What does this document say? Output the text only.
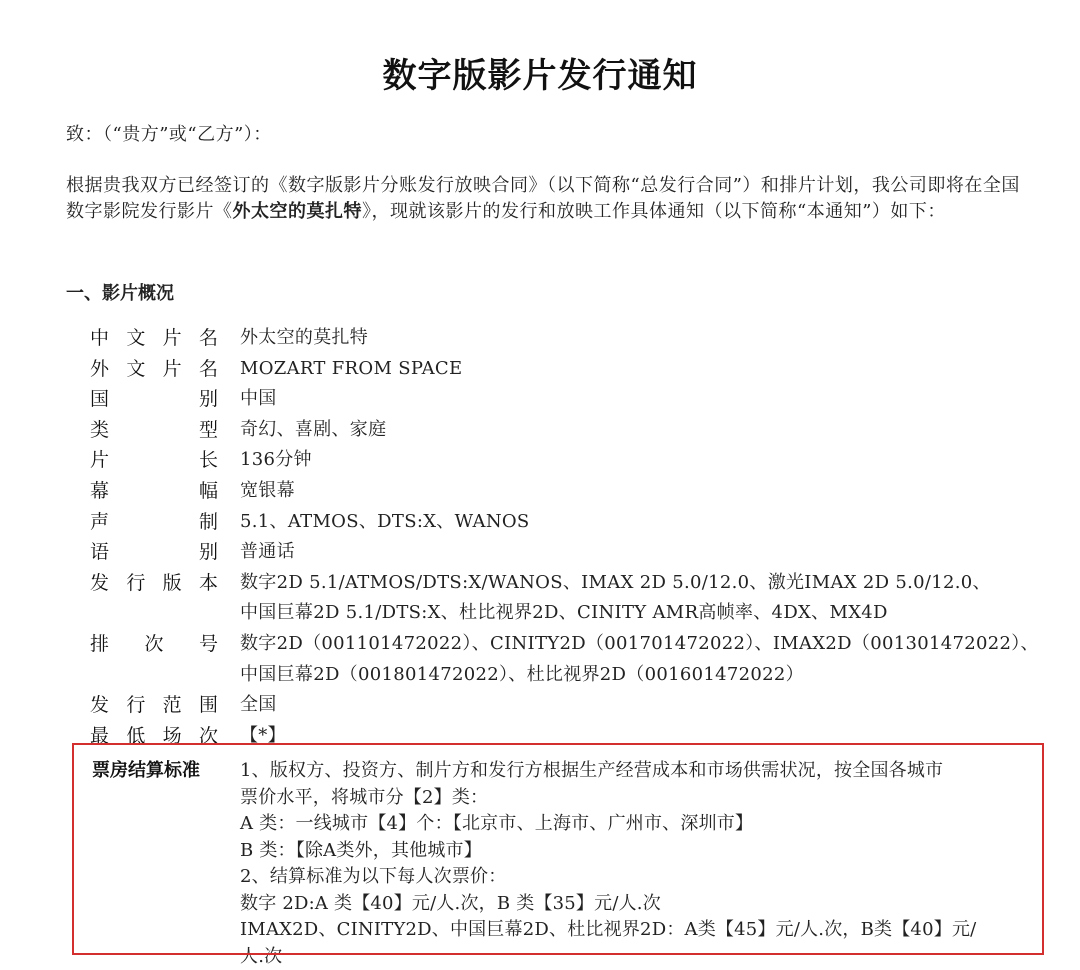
数字版影片发行通知
致：（“贵方”或“乙方”）：
根据贵我双方已经签订的《数字版影片分账发行放映合同》（以下简称“总发行合同”）和排片计划，我公司即将在全国数字影院发行影片《外太空的莫扎特》，现就该影片的发行和放映工作具体通知（以下简称“本通知”）如下：
一、影片概况
中 文 片 名 外太空的莫扎特
外 文 片 名 MOZART FROM SPACE
国	别 中国
类	型 奇幻、喜剧、家庭
片	长 136分钟
幕	幅 宽银幕
声	制 5.1、ATMOS、DTS:X、WANOS
语	别 普通话
发 行 版 本 数字2D 5.1/ATMOS/DTS:X/WANOS、IMAX 2D 5.0/12.0、激光IMAX 2D 5.0/12.0、
中国巨幕2D 5.1/DTS:X、杜比视界2D、CINITY AMR高帧率、4DX、MX4D
排 次 号 数字2D（001101472022）、CINITY2D（001701472022）、IMAX2D（001301472022）、
中国巨幕2D（001801472022）、杜比视界2D（001601472022）
发 行 范 围 全国
最 低 场 次 【*】
票房结算标准	1、版权方、投资方、制片方和发行方根据生产经营成本和市场供需状况，按全国各城市
票价水平，将城市分【2】类：
A 类：一线城市【4】个：【北京市、上海市、广州市、深圳市】
B 类：【除A类外，其他城市】
2、结算标准为以下每人次票价：
数字 2D:A 类【40】元/人.次，B 类【35】元/人.次
IMAX2D、CINITY2D、中国巨幕2D、杜比视界2D：A类【45】元/人.次，B类【40】元/
人.次
